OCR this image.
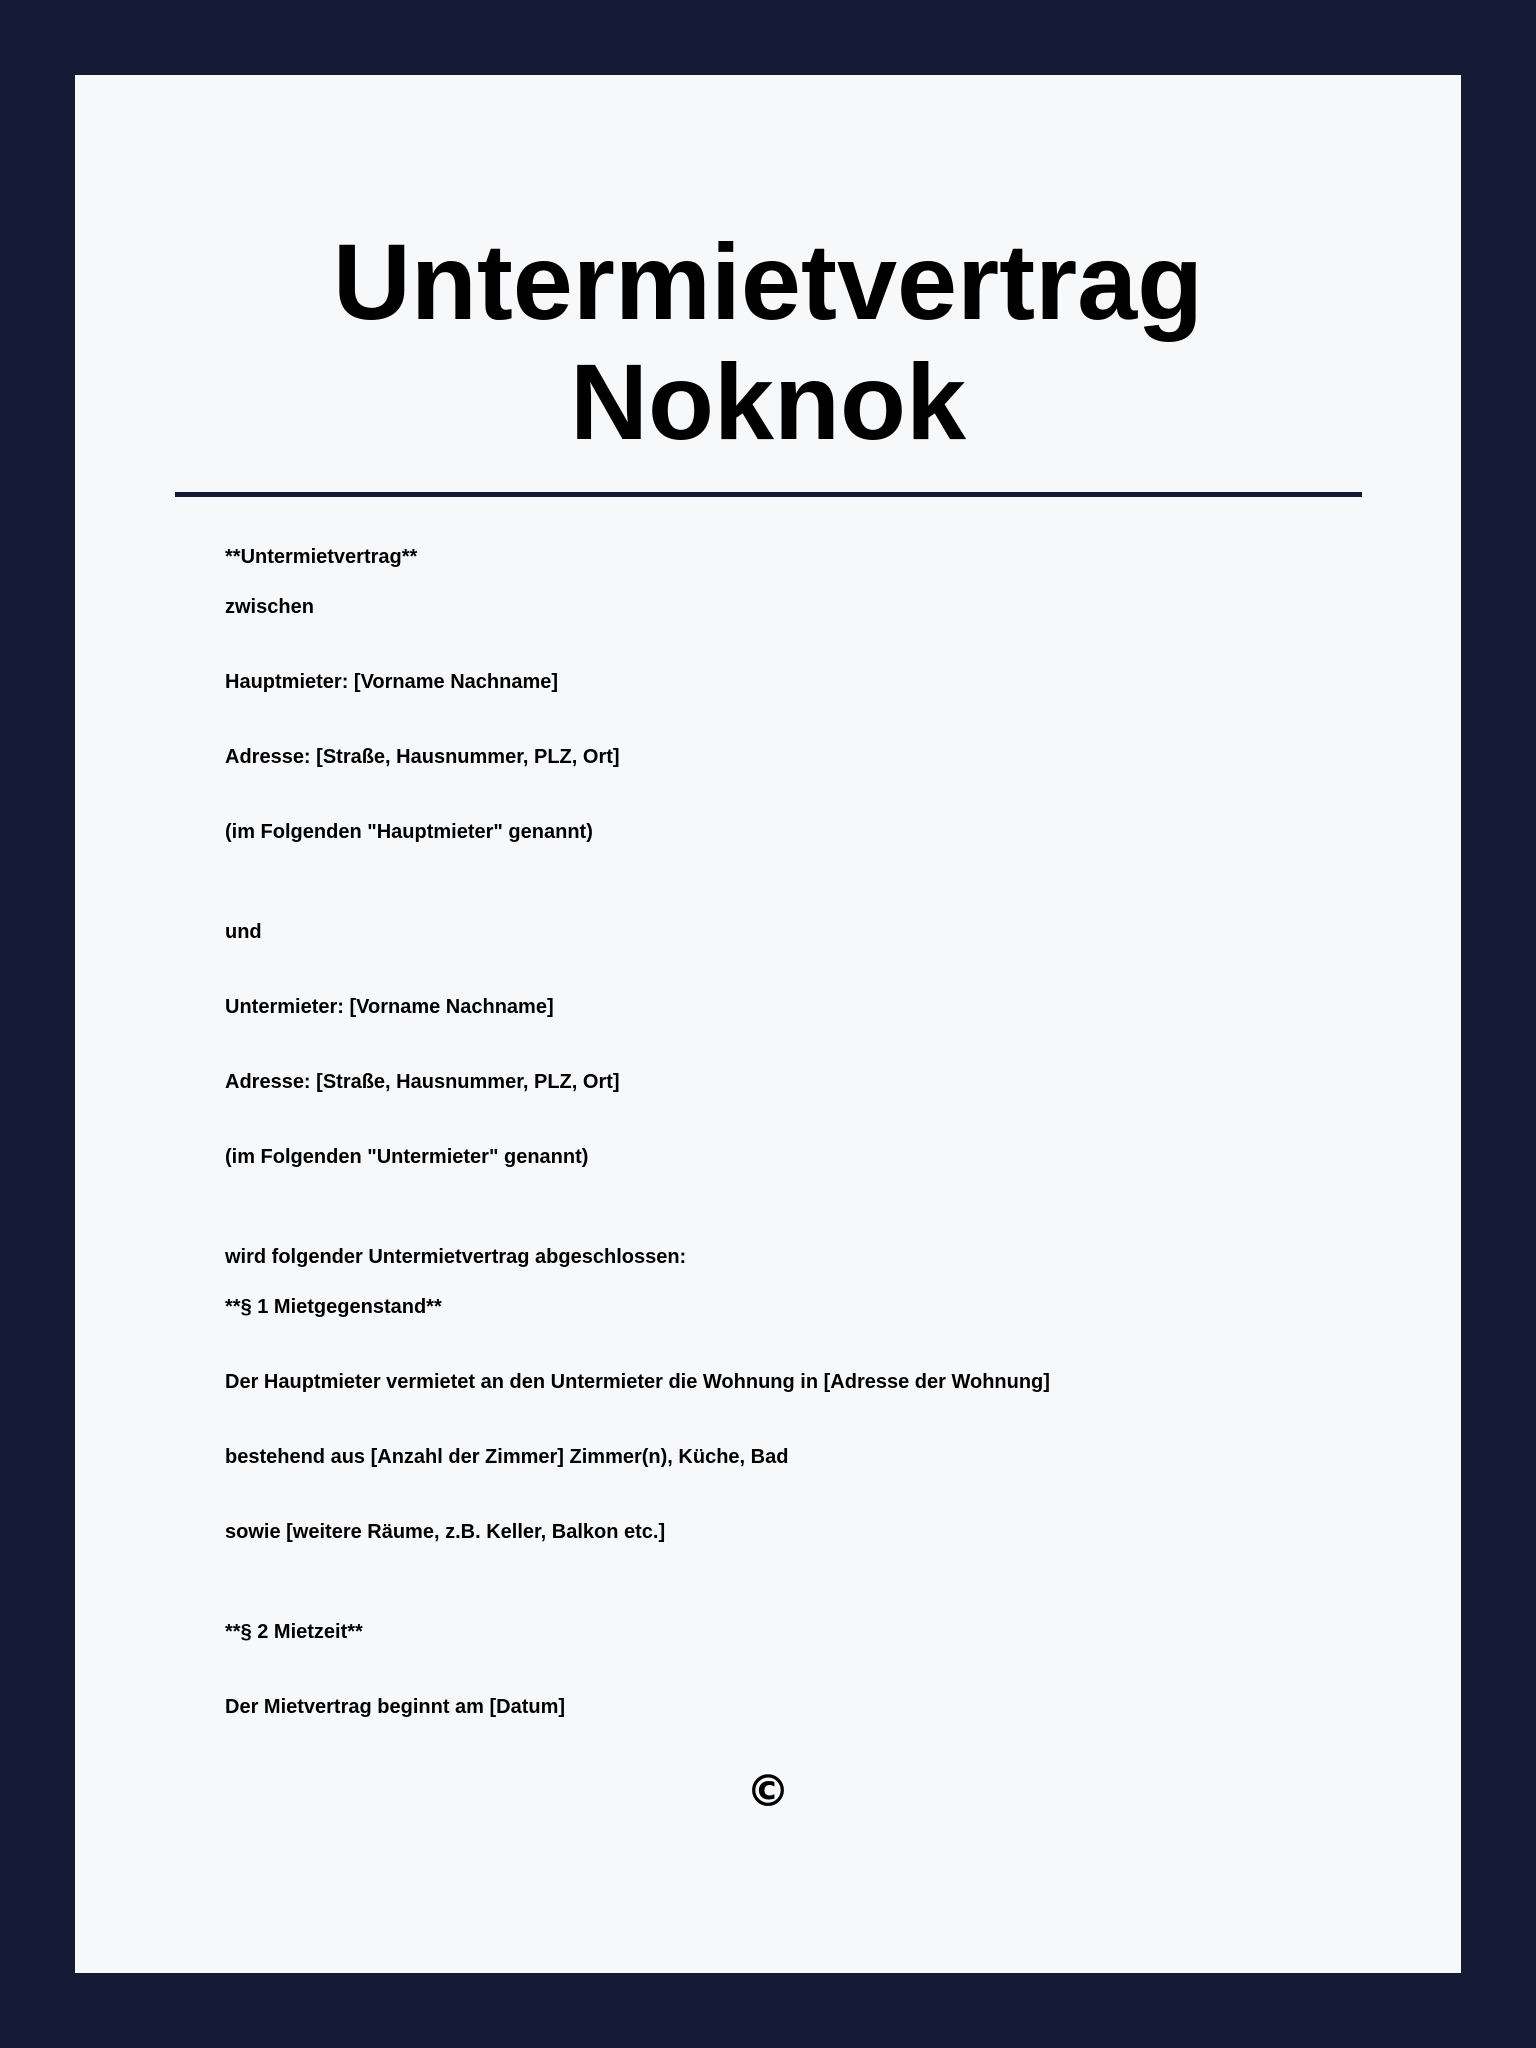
Untermietvertrag
Noknok
**Untermietvertrag**
zwischen
Hauptmieter: [Vorname Nachname]
Adresse: [Straße, Hausnummer, PLZ, Ort]
(im Folgenden "Hauptmieter" genannt)
und
Untermieter: [Vorname Nachname]
Adresse: [Straße, Hausnummer, PLZ, Ort]
(im Folgenden "Untermieter" genannt)
wird folgender Untermietvertrag abgeschlossen:
**§ 1 Mietgegenstand**
Der Hauptmieter vermietet an den Untermieter die Wohnung in [Adresse der Wohnung]
bestehend aus [Anzahl der Zimmer] Zimmer(n), Küche, Bad
sowie [weitere Räume, z.B. Keller, Balkon etc.]
**§ 2 Mietzeit**
Der Mietvertrag beginnt am [Datum]
©
